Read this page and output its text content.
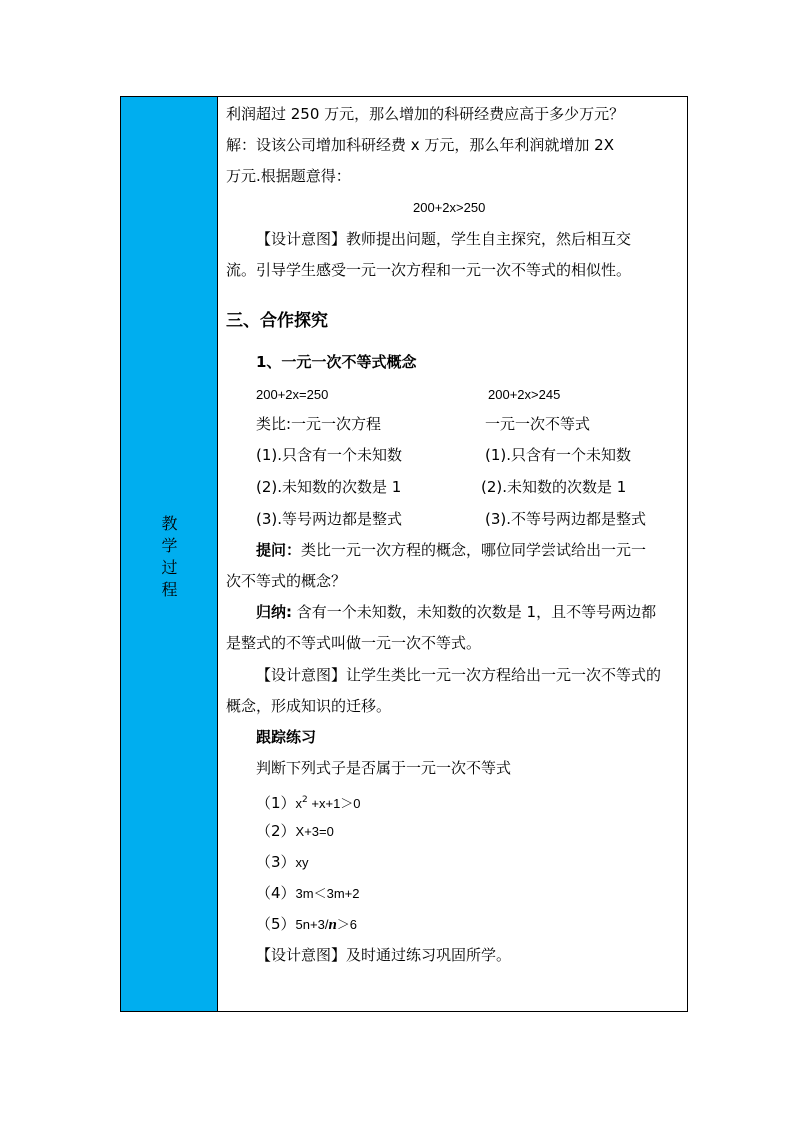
教
学
过
程
利润超过 250 万元，那么增加的科研经费应高于多少万元？
解：设该公司增加科研经费 x 万元，那么年利润就增加 2X
万元.根据题意得：
200+2x>250
【设计意图】教师提出问题，学生自主探究，然后相互交
流。引导学生感受一元一次方程和一元一次不等式的相似性。
三、合作探究
1、一元一次不等式概念
200+2x=250	200+2x>245
类比:一元一次方程	一元一次不等式
(1).只含有一个未知数	(1).只含有一个未知数
(2).未知数的次数是 1	(2).未知数的次数是 1
(3).等号两边都是整式	(3).不等号两边都是整式
提问：类比一元一次方程的概念，哪位同学尝试给出一元一
次不等式的概念？
归纳: 含有一个未知数，未知数的次数是 1，且不等号两边都
是整式的不等式叫做一元一次不等式。
【设计意图】让学生类比一元一次方程给出一元一次不等式的
概念，形成知识的迁移。
跟踪练习
判断下列式子是否属于一元一次不等式
$(1)x^2 +x+1>0$
（2）X+3=0
（3）xy
（4）3m＜3m+2
（5）5n+3/n＞6
【设计意图】及时通过练习巩固所学。
